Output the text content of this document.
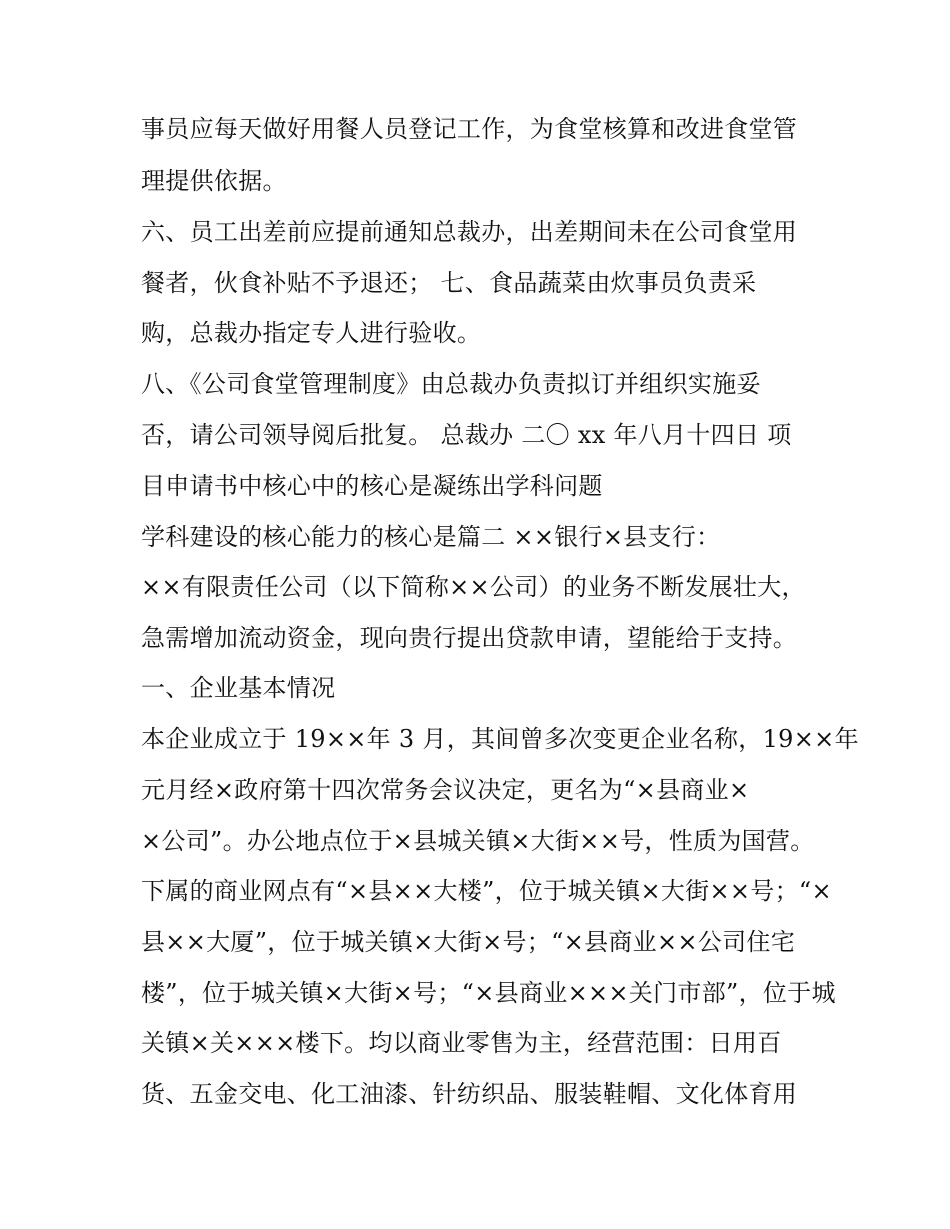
事员应每天做好用餐人员登记工作，为食堂核算和改进食堂管
理提供依据。
六、员工出差前应提前通知总裁办，出差期间未在公司食堂用
餐者，伙食补贴不予退还； 七、食品蔬菜由炊事员负责采
购，总裁办指定专人进行验收。
八、《公司食堂管理制度》由总裁办负责拟订并组织实施妥
否，请公司领导阅后批复。 总裁办 二〇 xx 年八月十四日 项
目申请书中核心中的核心是凝练出学科问题
学科建设的核心能力的核心是篇二 ××银行×县支行：
××有限责任公司（以下简称××公司）的业务不断发展壮大，
急需增加流动资金，现向贵行提出贷款申请，望能给于支持。
一、企业基本情况
本企业成立于 19××年 3 月，其间曾多次变更企业名称，19××年
元月经×政府第十四次常务会议决定，更名为“×县商业×
×公司”。办公地点位于×县城关镇×大街××号，性质为国营。
下属的商业网点有“×县××大楼”，位于城关镇×大街××号；“×
县××大厦”，位于城关镇×大街×号；“×县商业××公司住宅
楼”，位于城关镇×大街×号；“×县商业×××关门市部”，位于城
关镇×关×××楼下。均以商业零售为主，经营范围：日用百
货、五金交电、化工油漆、针纺织品、服装鞋帽、文化体育用
